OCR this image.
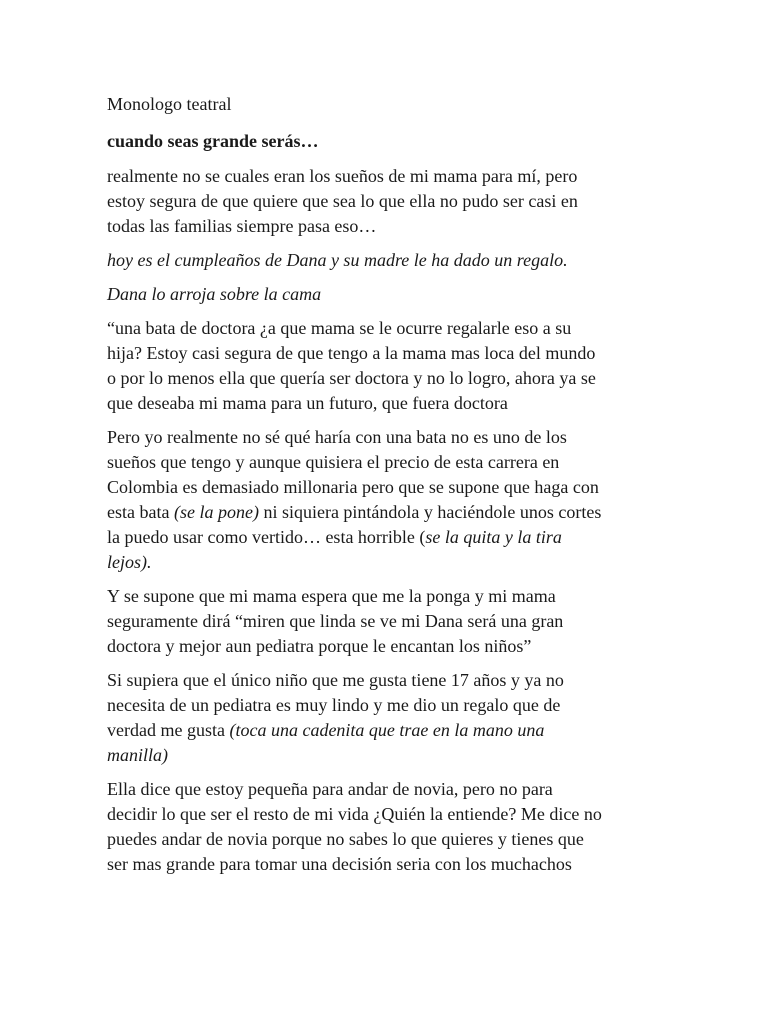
Monologo teatral

cuando seas grande serás…

realmente no se cuales eran los sueños de mi mama para mí, pero
estoy segura de que quiere que sea lo que ella no pudo ser casi en
todas las familias siempre pasa eso…

hoy es el cumpleaños de Dana y su madre le ha dado un regalo.

Dana lo arroja sobre la cama

“una bata de doctora ¿a que mama se le ocurre regalarle eso a su
hija? Estoy casi segura de que tengo a la mama mas loca del mundo
o por lo menos ella que quería ser doctora y no lo logro, ahora ya se
que deseaba mi mama para un futuro, que fuera doctora

Pero yo realmente no sé qué haría con una bata no es uno de los
sueños que tengo y aunque quisiera el precio de esta carrera en
Colombia es demasiado millonaria pero que se supone que haga con
esta bata (se la pone) ni siquiera pintándola y haciéndole unos cortes
la puedo usar como vertido… esta horrible (se la quita y la tira
lejos).

Y se supone que mi mama espera que me la ponga y mi mama
seguramente dirá “miren que linda se ve mi Dana será una gran
doctora y mejor aun pediatra porque le encantan los niños”

Si supiera que el único niño que me gusta tiene 17 años y ya no
necesita de un pediatra es muy lindo y me dio un regalo que de
verdad me gusta (toca una cadenita que trae en la mano una
manilla)

Ella dice que estoy pequeña para andar de novia, pero no para
decidir lo que ser el resto de mi vida ¿Quién la entiende? Me dice no
puedes andar de novia porque no sabes lo que quieres y tienes que
ser mas grande para tomar una decisión seria con los muchachos
